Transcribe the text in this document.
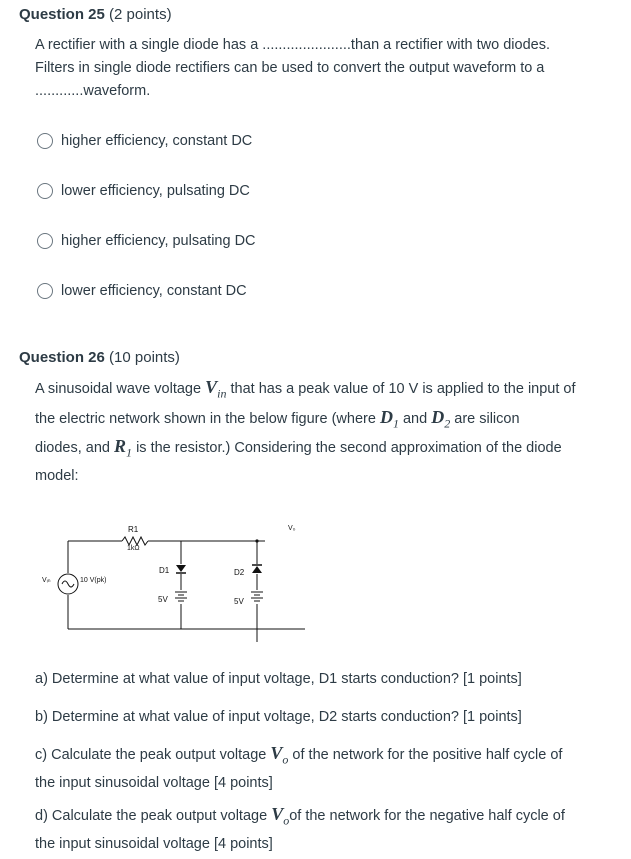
Question 25 (2 points)
A rectifier with a single diode has a ......................than a rectifier with two diodes.
Filters in single diode rectifiers can be used to convert the output waveform to a
............waveform.
higher efficiency, constant DC
lower efficiency, pulsating DC
higher efficiency, pulsating DC
lower efficiency, constant DC
Question 26 (10 points)
A sinusoidal wave voltage $V_{in}$ that has a peak value of 10 V is applied to the input of
the electric network shown in the below figure (where $D_1$ and $D_2$ are silicon
diodes, and $R_1$ is the resistor.) Considering the second approximation of the diode
model:
R1
1kΩ
V₀
Vᵢₙ	10 V(pk)
D1	D2
5V	5V
a) Determine at what value of input voltage, D1 starts conduction? [1 points]
b) Determine at what value of input voltage, D2 starts conduction? [1 points]
c) Calculate the peak output voltage $V_o$ of the network for the positive half cycle of
the input sinusoidal voltage [4 points]
d) Calculate the peak output voltage $V_oof$ the network for the negative half cycle of
the input sinusoidal voltage [4 points]
